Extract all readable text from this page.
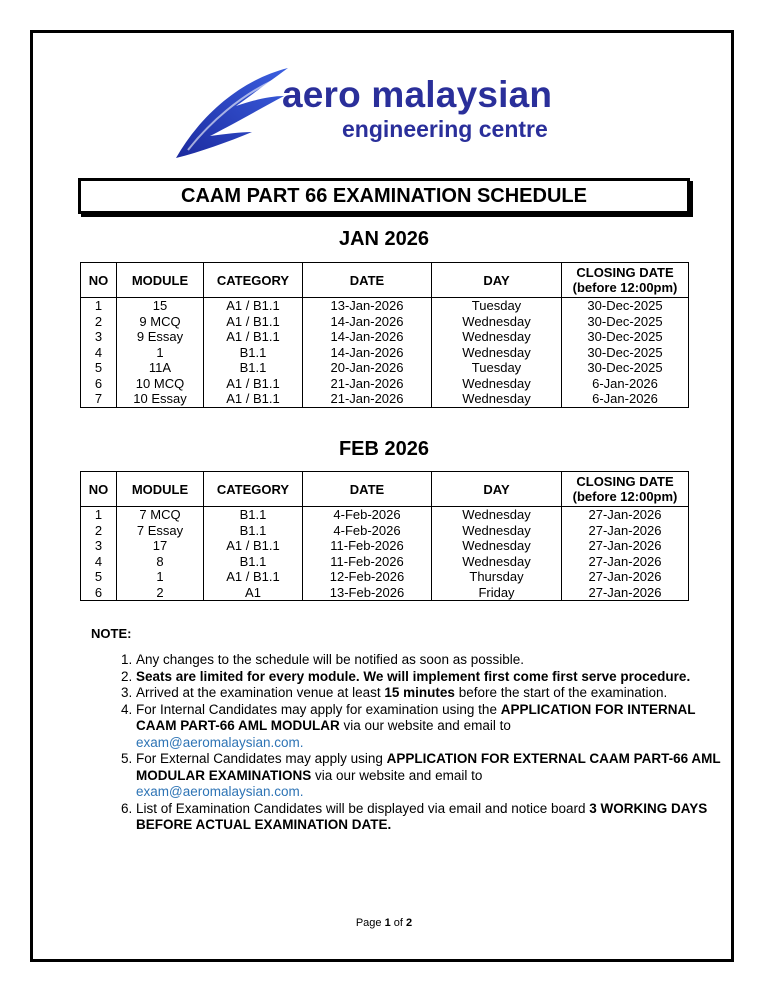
aero malaysian
engineering centre
CAAM PART 66 EXAMINATION SCHEDULE
JAN 2026
NO	MODULE	CATEGORY	DATE	DAY	CLOSING DATE
(before 12:00pm)
1	15	A1 / B1.1	13-Jan-2026	Tuesday	30-Dec-2025
2	9 MCQ	A1 / B1.1	14-Jan-2026	Wednesday	30-Dec-2025
3	9 Essay	A1 / B1.1	14-Jan-2026	Wednesday	30-Dec-2025
4	1	B1.1	14-Jan-2026	Wednesday	30-Dec-2025
5	11A	B1.1	20-Jan-2026	Tuesday	30-Dec-2025
6	10 MCQ	A1 / B1.1	21-Jan-2026	Wednesday	6-Jan-2026
7	10 Essay	A1 / B1.1	21-Jan-2026	Wednesday	6-Jan-2026
FEB 2026
NO	MODULE	CATEGORY	DATE	DAY	CLOSING DATE
(before 12:00pm)
1	7 MCQ	B1.1	4-Feb-2026	Wednesday	27-Jan-2026
2	7 Essay	B1.1	4-Feb-2026	Wednesday	27-Jan-2026
3	17	A1 / B1.1	11-Feb-2026	Wednesday	27-Jan-2026
4	8	B1.1	11-Feb-2026	Wednesday	27-Jan-2026
5	1	A1 / B1.1	12-Feb-2026	Thursday	27-Jan-2026
6	2	A1	13-Feb-2026	Friday	27-Jan-2026
NOTE:
1. Any changes to the schedule will be notified as soon as possible.
2. Seats are limited for every module. We will implement first come first serve procedure.
3. Arrived at the examination venue at least 15 minutes before the start of the examination.
4. For Internal Candidates may apply for examination using the APPLICATION FOR INTERNAL CAAM PART-66 AML MODULAR via our website and email to
exam@aeromalaysian.com.
5. For External Candidates may apply using APPLICATION FOR EXTERNAL CAAM PART-66 AML MODULAR EXAMINATIONS via our website and email to
exam@aeromalaysian.com.
6. List of Examination Candidates will be displayed via email and notice board 3 WORKING DAYS BEFORE ACTUAL EXAMINATION DATE.
Page 1 of 2
